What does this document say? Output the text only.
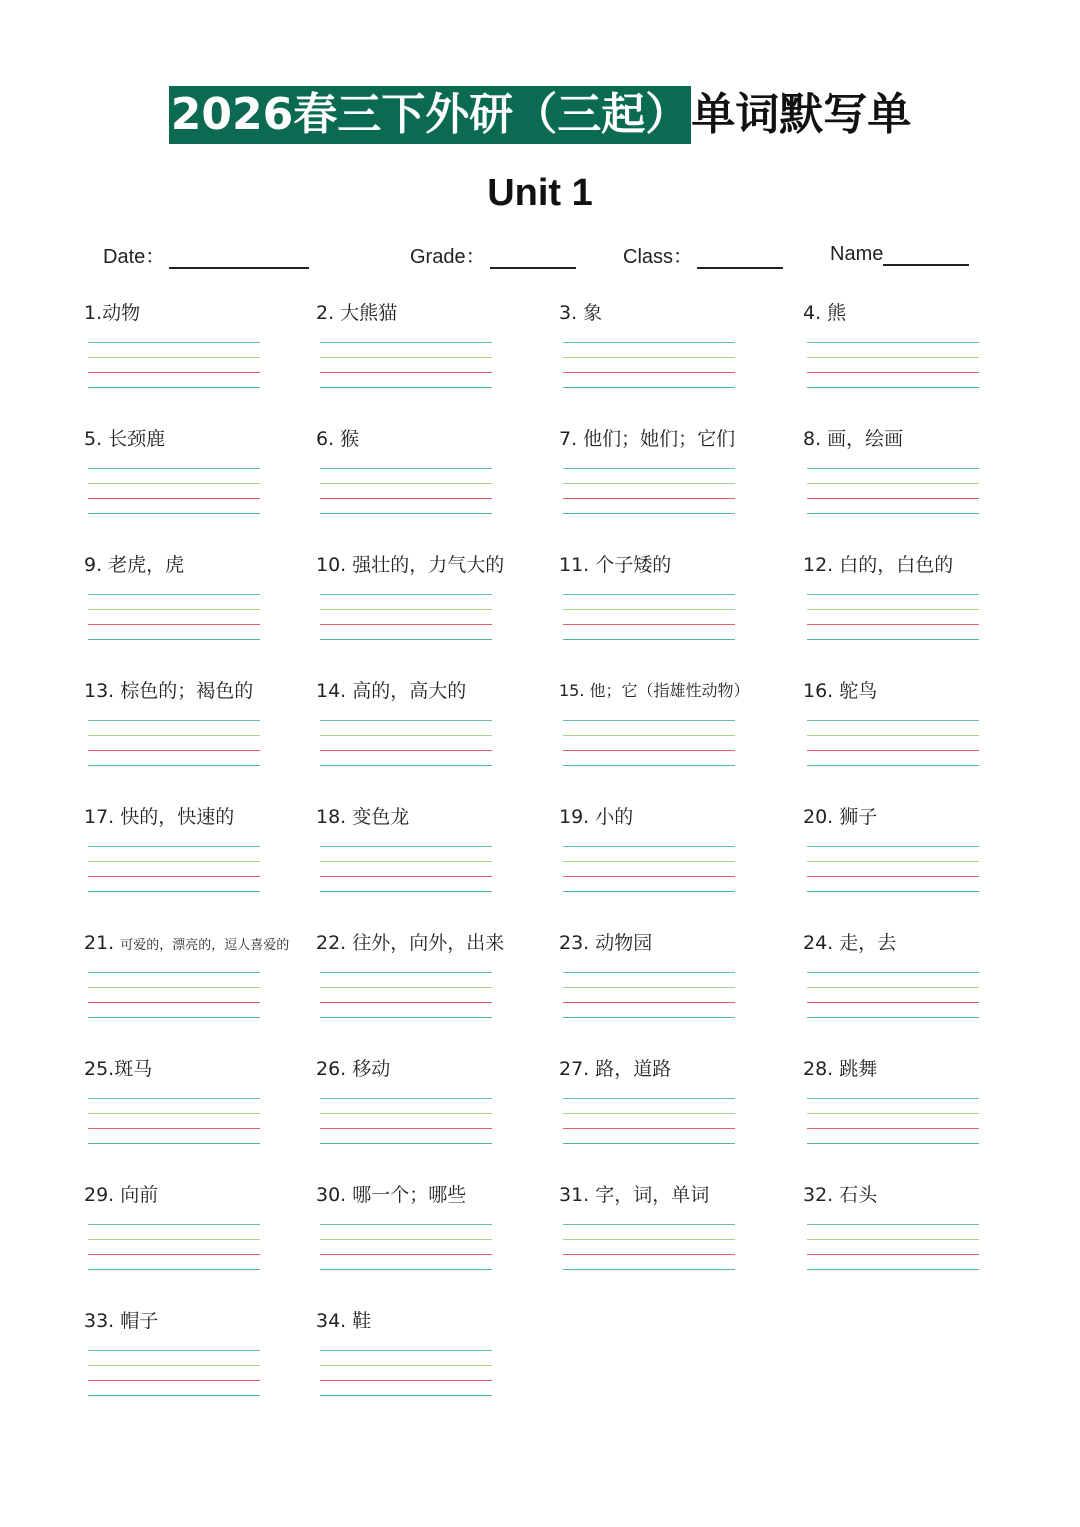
2026春三下外研（三起）单词默写单
Unit 1
Date：	Grade：	Class：	Name
1.动物	2. 大熊猫	3. 象	4. 熊
5. 长颈鹿	6. 猴	7. 他们；她们；它们	8. 画，绘画
9. 老虎，虎	10. 强壮的，力气大的	11. 个子矮的	12. 白的，白色的
13. 棕色的；褐色的	14. 高的，高大的	15. 他；它（指雄性动物）	16. 鸵鸟
17. 快的，快速的	18. 变色龙	19. 小的	20. 狮子
21. 可爱的，漂亮的，逗人喜爱的	22. 往外，向外，出来	23. 动物园	24. 走，去
25.斑马	26. 移动	27. 路，道路	28. 跳舞
29. 向前	30. 哪一个；哪些	31. 字，词，单词	32. 石头
33. 帽子	34. 鞋
